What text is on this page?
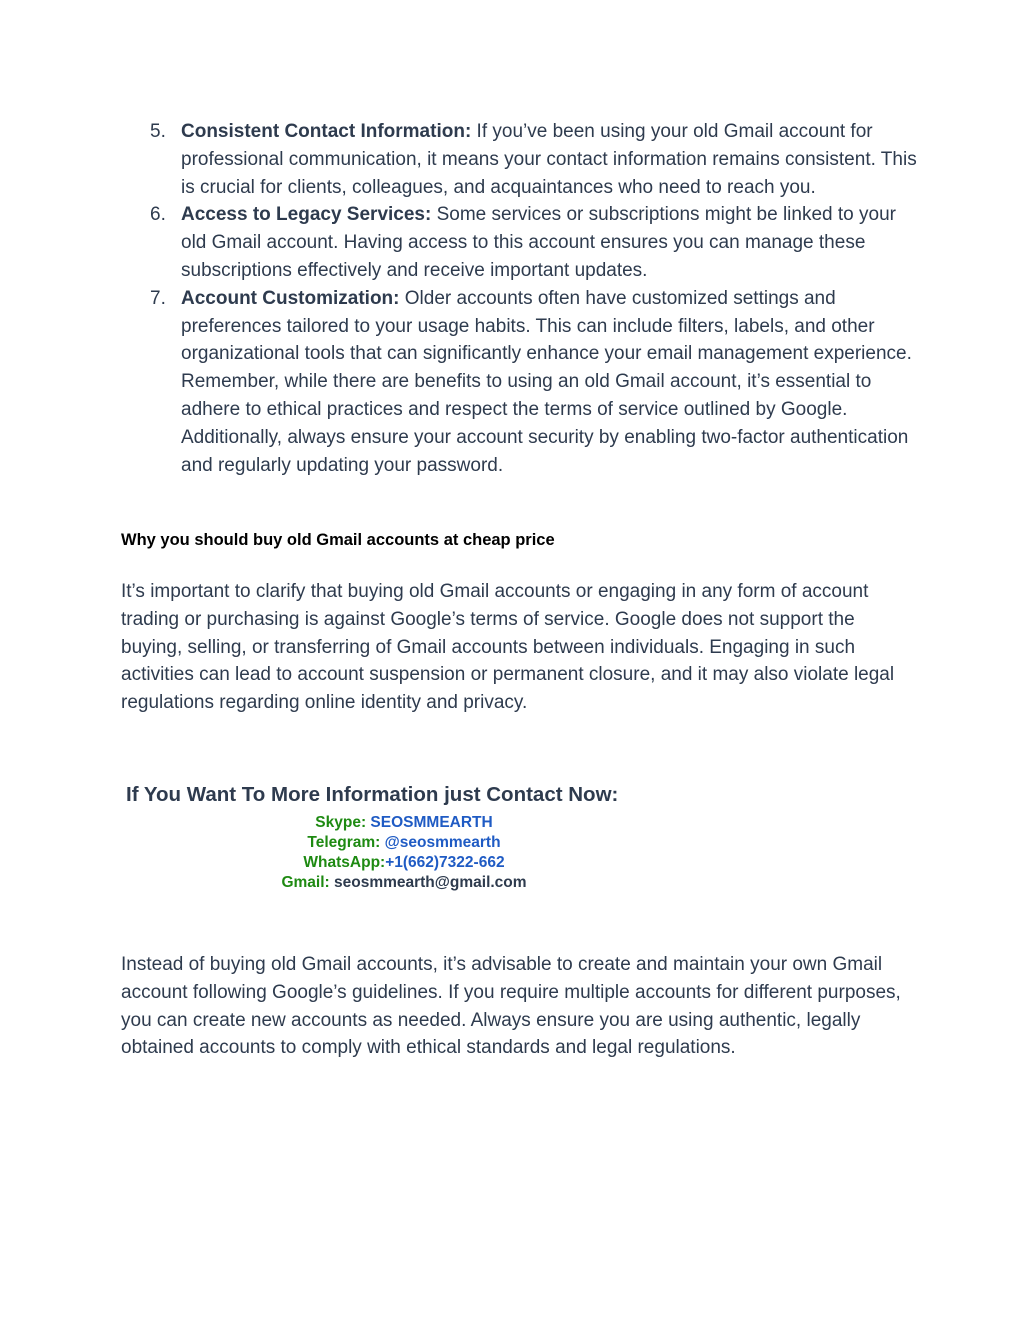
5. Consistent Contact Information: If you’ve been using your old Gmail account for professional communication, it means your contact information remains consistent. This is crucial for clients, colleagues, and acquaintances who need to reach you.
6. Access to Legacy Services: Some services or subscriptions might be linked to your old Gmail account. Having access to this account ensures you can manage these subscriptions effectively and receive important updates.
7. Account Customization: Older accounts often have customized settings and preferences tailored to your usage habits. This can include filters, labels, and other organizational tools that can significantly enhance your email management experience. Remember, while there are benefits to using an old Gmail account, it’s essential to adhere to ethical practices and respect the terms of service outlined by Google. Additionally, always ensure your account security by enabling two-factor authentication and regularly updating your password.
Why you should buy old Gmail accounts at cheap price

It’s important to clarify that buying old Gmail accounts or engaging in any form of account trading or purchasing is against Google’s terms of service. Google does not support the buying, selling, or transferring of Gmail accounts between individuals. Engaging in such activities can lead to account suspension or permanent closure, and it may also violate legal regulations regarding online identity and privacy.

If You Want To More Information just Contact Now:
Skype: SEOSMMEARTH
Telegram: @seosmmearth
WhatsApp:+1(662)7322-662
Gmail: seosmmearth@gmail.com

Instead of buying old Gmail accounts, it’s advisable to create and maintain your own Gmail account following Google’s guidelines. If you require multiple accounts for different purposes, you can create new accounts as needed. Always ensure you are using authentic, legally obtained accounts to comply with ethical standards and legal regulations.
